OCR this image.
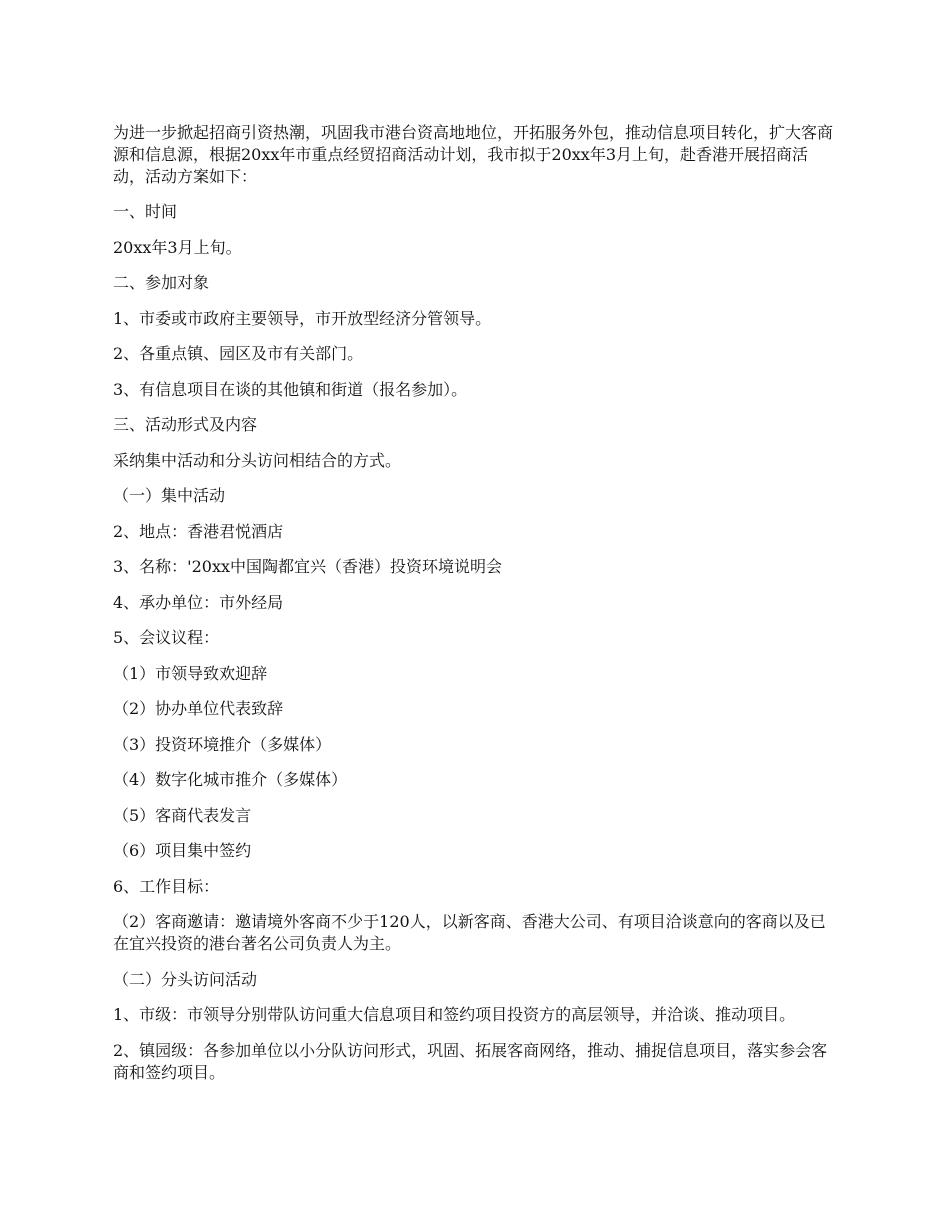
为进一步掀起招商引资热潮，巩固我市港台资高地地位，开拓服务外包，推动信息项目转化，扩大客商源和信息源，根据20xx年市重点经贸招商活动计划，我市拟于20xx年3月上旬，赴香港开展招商活动，活动方案如下：

一、时间

20xx年3月上旬。

二、参加对象

1、市委或市政府主要领导，市开放型经济分管领导。

2、各重点镇、园区及市有关部门。

3、有信息项目在谈的其他镇和街道（报名参加）。

三、活动形式及内容

采纳集中活动和分头访问相结合的方式。

（一）集中活动

2、地点：香港君悦酒店

3、名称：'20xx中国陶都宜兴（香港）投资环境说明会

4、承办单位：市外经局

5、会议议程：

（1）市领导致欢迎辞

（2）协办单位代表致辞

（3）投资环境推介（多媒体）

（4）数字化城市推介（多媒体）

（5）客商代表发言

（6）项目集中签约

6、工作目标：

（2）客商邀请：邀请境外客商不少于120人，以新客商、香港大公司、有项目洽谈意向的客商以及已在宜兴投资的港台著名公司负责人为主。

（二）分头访问活动

1、市级：市领导分别带队访问重大信息项目和签约项目投资方的高层领导，并洽谈、推动项目。

2、镇园级：各参加单位以小分队访问形式，巩固、拓展客商网络，推动、捕捉信息项目，落实参会客商和签约项目。
